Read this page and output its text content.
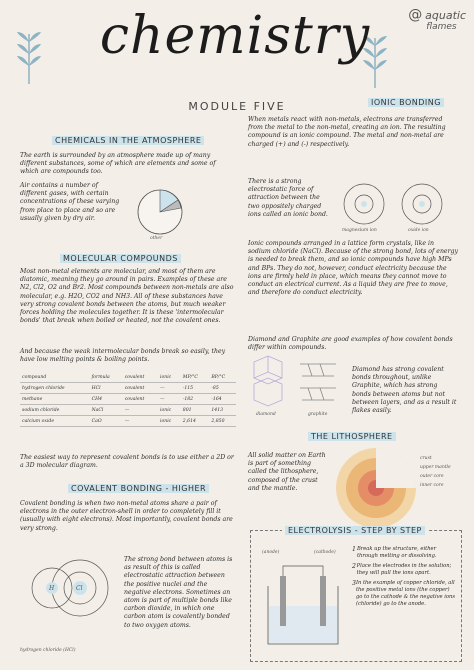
chemistry
MODULE FIVE
@ aquatic
flames
CHEMICALS IN THE ATMOSPHERE
The earth is surrounded by an atmosphere made up of many different substances, some of which are elements and some of which are compounds too.
Air contains a number of different gases, with certain concentrations of these varying from place to place and so are usually given by dry air.
other
MOLECULAR COMPOUNDS
Most non-metal elements are molecular, and most of them are diatomic, meaning they go around in pairs. Examples of these are N2, Cl2, O2 and Br2. Most compounds between non-metals are also molecular, e.g. H2O, CO2 and NH3. All of these substances have very strong covalent bonds between the atoms, but much weaker forces holding the molecules together. It is these 'intermolecular bonds' that break when boiled or heated, not the covalent ones.
And because the weak intermolecular bonds break so easily, they have low melting points & boiling points.
compound	formula	covalent	ionic	MP/°C	BP/°C
hydrogen chloride	HCl	covalent	—	-115	-85
methane	CH4	covalent	—	-182	-164
sodium chloride	NaCl	—	ionic	801	1413
calcium oxide	CaO	—	ionic	2,614	2,850
The easiest way to represent covalent bonds is to use either a 2D or a 3D molecular diagram.
COVALENT BONDING - HIGHER
Covalent bonding is when two non-metal atoms share a pair of electrons in the outer electron-shell in order to completely fill it (usually with eight electrons). Most importantly, covalent bonds are very strong.
H	Cl
hydrogen chloride (HCl)
The strong bond between atoms is as result of this is called electrostatic attraction between the positive nuclei and the negative electrons. Sometimes an atom is part of multiple bonds like carbon dioxide, in which one carbon atom is covalently bonded to two oxygen atoms.
IONIC BONDING
When metals react with non-metals, electrons are transferred from the metal to the non-metal, creating an ion. The resulting compound is an ionic compound. The metal and non-metal are charged (+) and (-) respectively.
There is a strong electrostatic force of attraction between the two oppositely charged ions called an ionic bond.
magnesium ion	oxide ion
Ionic compounds arranged in a lattice form crystals, like in sodium chloride (NaCl). Because of the strong bond, lots of energy is needed to break them, and so ionic compounds have high MPs and BPs. They do not, however, conduct electricity because the ions are firmly held in place, which means they cannot move to conduct an electrical current. As a liquid they are free to move, and therefore do conduct electricity.
Diamond and Graphite are good examples of how covalent bonds differ within compounds.
diamond	graphite
Diamond has strong covalent bonds throughout, unlike Graphite, which has strong bonds between atoms but not between layers, and as a result it flakes easily.
THE LITHOSPHERE
All solid matter on Earth is part of something called the lithosphere, composed of the crust and the mantle.
crust
upper mantle
outer core
inner core
ELECTROLYSIS - STEP BY STEP
(anode)	(cathode)	1 Break up the structure, either through melting or dissolving.
2 Place the electrodes in the solution; they will pull the ions apart.
3 In the example of copper chloride, all the positive metal ions (the copper) go to the cathode & the negative ions (chloride) go to the anode.
